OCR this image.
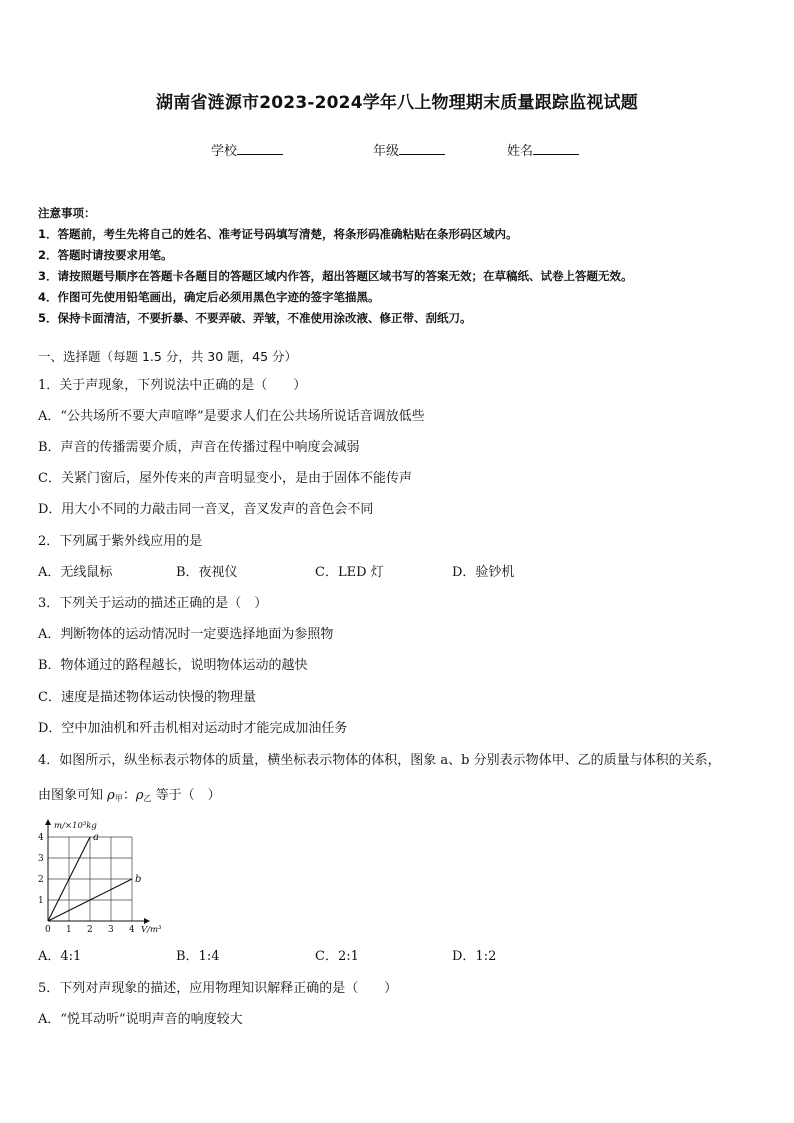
湖南省涟源市2023-2024学年八上物理期末质量跟踪监视试题
学校	年级	姓名
注意事项：
1．答题前，考生先将自己的姓名、准考证号码填写清楚，将条形码准确粘贴在条形码区域内。
2．答题时请按要求用笔。
3．请按照题号顺序在答题卡各题目的答题区域内作答，超出答题区域书写的答案无效；在草稿纸、试卷上答题无效。
4．作图可先使用铅笔画出，确定后必须用黑色字迹的签字笔描黑。
5．保持卡面清洁，不要折暴、不要弄破、弄皱，不准使用涂改液、修正带、刮纸刀。
一、选择题（每题 1.5 分，共 30 题，45 分）
1．关于声现象，下列说法中正确的是（　　）
A．“公共场所不要大声喧哗”是要求人们在公共场所说话音调放低些
B．声音的传播需要介质，声音在传播过程中响度会减弱
C．关紧门窗后，屋外传来的声音明显变小，是由于固体不能传声
D．用大小不同的力敲击同一音叉，音叉发声的音色会不同
2．下列属于紫外线应用的是
A．无线鼠标	B．夜视仪	C．LED 灯	D．验钞机
3．下列关于运动的描述正确的是（　）
A．判断物体的运动情况时一定要选择地面为参照物
B．物体通过的路程越长，说明物体运动的越快
C．速度是描述物体运动快慢的物理量
D．空中加油机和歼击机相对运动时才能完成加油任务
4．如图所示，纵坐标表示物体的质量，横坐标表示物体的体积，图象 a、b 分别表示物体甲、乙的质量与体积的关系，
由图象可知 $\rho_甲$：$\rho_乙$ 等于（　）
0 1 2 3 4
1
2
3
4
m/×10³kg
V/m³
a
b
A．4:1	B．1:4	C．2:1	D．1:2
5．下列对声现象的描述，应用物理知识解释正确的是（　　）
A．“悦耳动听”说明声音的响度较大
